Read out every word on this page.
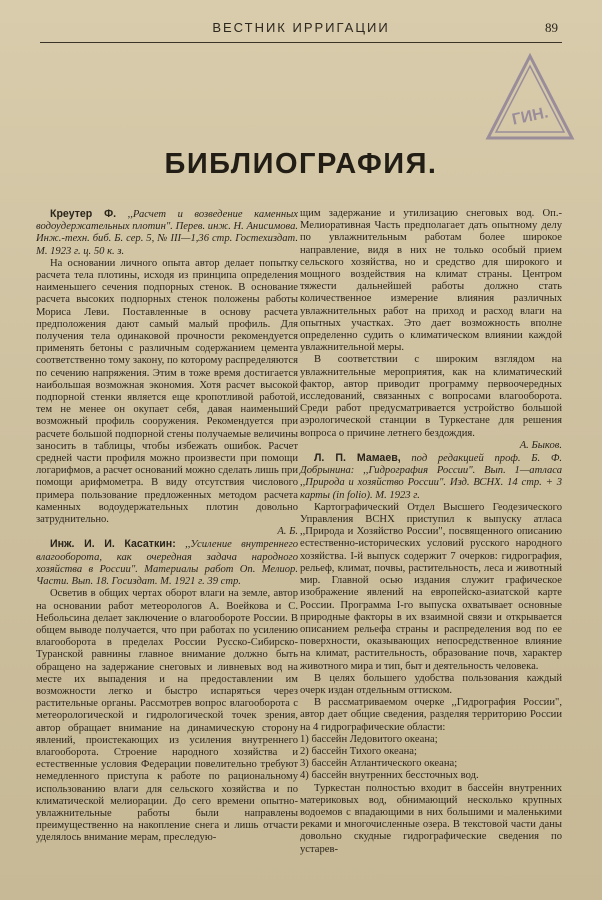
ВЕСТНИК ИРРИГАЦИИ	89
ГИН.
БИБЛИОГРАФИЯ.

Креутер Ф. ,,Расчет и возведение каменных водоудержательных плотин". Перев. инж. Н. Анисимова. Инж.-техн. биб. Б. сер. 5, № III—1,36 стр. Гостехиздат. М. 1923 г. ц. 50 к. з.

На основании личного опыта автор делает попытку расчета тела плотины, исходя из принципа определения наименьшего сечения подпорных стенок. В основание расчета высоких подпорных стенок положены работы Мориса Леви. Поставленные в основу расчета предположения дают самый малый профиль. Для получения тела одинаковой прочности рекомендуется применять бетоны с различным содержанием цемента соответственно тому закону, по которому распределяются по сечению напряжения. Этим в тоже время достигается наибольшая возможная экономия. Хотя расчет высокой подпорной стенки является еще кропотливой работой, тем не менее он окупает себя, давая наименьший возможный профиль сооружения. Рекомендуется при расчете большой подпорной стены получаемые величины заносить в таблицы, чтобы избежать ошибок. Расчет средней части профиля можно произвести при помощи логарифмов, а расчет оснований можно сделать лишь при помощи арифмометра. В виду отсутствия числового примера пользование предложенных методом расчета каменных водоудержательных плотин довольно затруднительно.

А. Б.

Инж. И. И. Касаткин: ,,Усиление внутреннего влагооборота, как очередная задача народного хозяйства в России". Материалы работ Оп. Мелиор. Части. Вып. 18. Госиздат. М. 1921 г. 39 стр.

Осветив в общих чертах оборот влаги на земле, автор на основании работ метеорологов А. Воейкова и С. Небольсина делает заключение о влагообороте России. В общем выводе получается, что при работах по усилению влагооборота в пределах России Русско-Сибирско-Туранской равнины главное внимание должно быть обращено на задержание снеговых и ливневых вод на месте их выпадения и на предоставлении им возможности легко и быстро испаряться через растительные органы. Рассмотрев вопрос влагооборота с метеорологической и гидрологической точек зрения, автор обращает внимание на динамическую сторону явлений, проистекающих из усиления внутреннего влагооборота. Строение народного хозяйства и естественные условия Федерации повелительно требуют немедленного приступа к работе по рациональному использованию влаги для сельского хозяйства и по климатической мелиорации. До сего времени опытно-увлажнительные работы были направлены преимущественно на накопление снега и лишь отчасти уделялось внимание мерам, преследую-

щим задержание и утилизацию снеговых вод. Оп.-Мелиоративная Часть предполагает дать опытному делу по увлажнительным работам более широкое направление, видя в них не только особый прием сельского хозяйства, но и средство для широкого и мощного воздействия на климат страны. Центром тяжести дальнейшей работы должно стать количественное измерение влияния различных увлажнительных работ на приход и расход влаги на опытных участках. Это дает возможность вполне определенно судить о климатическом влиянии каждой увлажнительной меры.

В соответствии с широким взглядом на увлажнительные мероприятия, как на климатический фактор, автор приводит программу первоочередных исследований, связанных с вопросами влагооборота. Среди работ предусматривается устройство большой аэрологической станции в Туркестане для решения вопроса о причине летнего бездождия.

А. Быков.

Л. П. Мамаев, под редакцией проф. Б. Ф. Добрынина: ,,Гидрография России". Вып. 1—атласа ,,Природа и хозяйство России". Изд. ВСНХ. 14 стр. + 3 карты (in folio). М. 1923 г.

Картографический Отдел Высшего Геодезического Управления ВСНХ приступил к выпуску атласа ,,Природа и Хозяйство России", посвященного описанию естественно-исторических условий русского народного хозяйства. I-й выпуск содержит 7 очерков: гидрография, рельеф, климат, почвы, растительность, леса и животный мир. Главной осью издания служит графическое изображение явлений на европейско-азиатской карте России. Программа I-го выпуска охватывает основные природные факторы в их взаимной связи и открывается описанием рельефа страны и распределения вод по ее поверхности, оказывающих непосредственное влияние на климат, растительность, образование почв, характер животного мира и тип, быт и деятельность человека.

В целях большего удобства пользования каждый очерк издан отдельным оттиском.

В рассматриваемом очерке ,,Гидрография России", автор дает общие сведения, разделяя территорию России на 4 гидрографические области:

1) бассейн Ледовитого океана;

2) бассейн Тихого океана;

3) бассейн Атлантического океана;

4) бассейн внутренних бессточных вод.

Туркестан полностью входит в бассейн внутренних материковых вод, обнимающий несколько крупных водоемов с впадающими в них большими и маленькими реками и многочисленные озера. В текстовой части даны довольно скудные гидрографические сведения по устарев-
